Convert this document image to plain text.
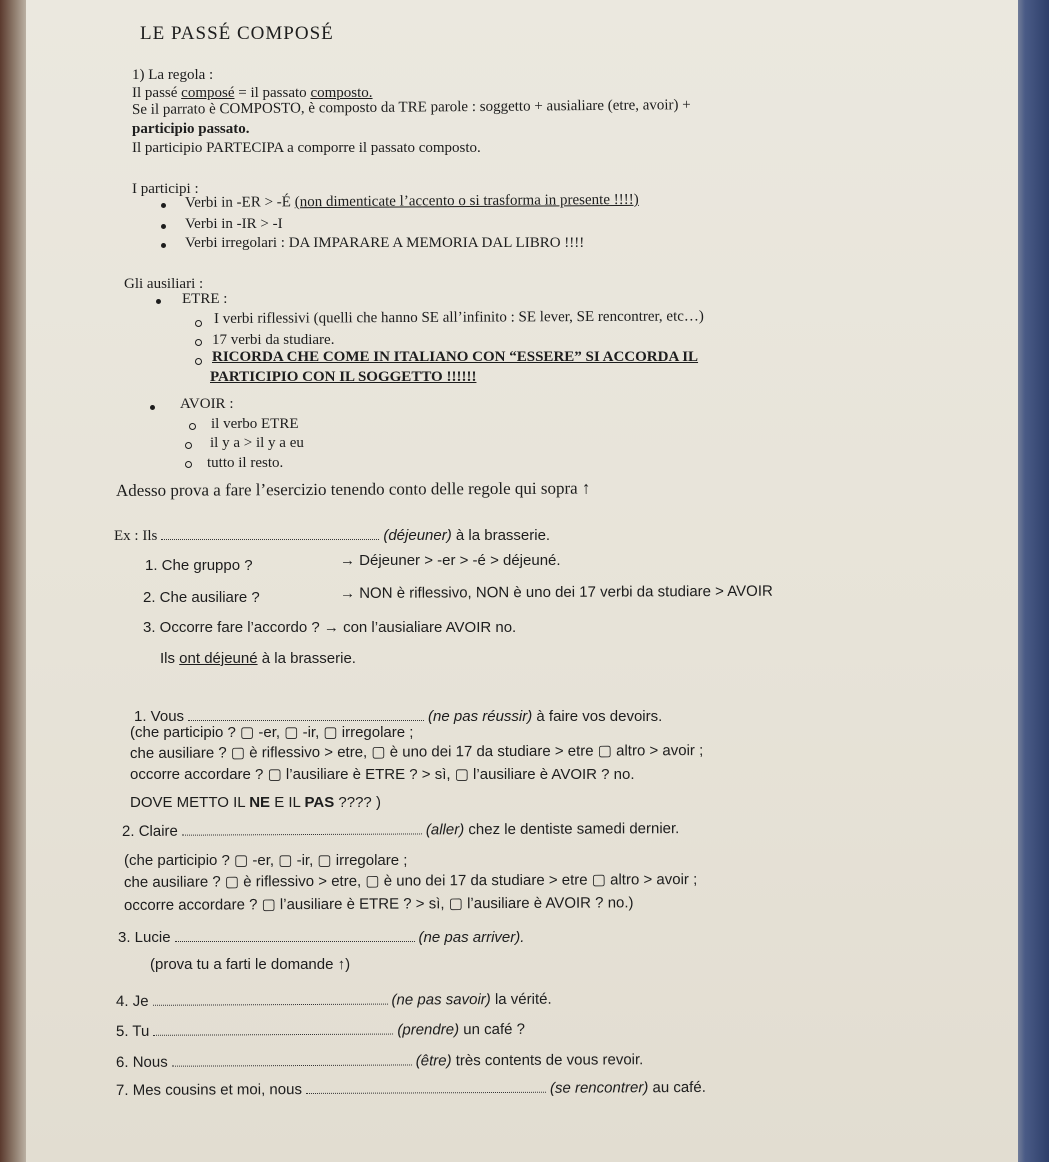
LE PASSÉ COMPOSÉ
1) La regola :
Il passé composé = il passato composto.
Se il parrato è COMPOSTO, è composto da TRE parole : soggetto + ausialiare (etre, avoir) +
participio passato.
Il participio PARTECIPA a comporre il passato composto.
I participi :
Verbi in -ER > -É (non dimenticate l’accento o si trasforma in presente !!!!)
Verbi in -IR > -I
Verbi irregolari : DA IMPARARE A MEMORIA DAL LIBRO !!!!
Gli ausiliari :
ETRE :
I verbi riflessivi (quelli che hanno SE all’infinito : SE lever, SE rencontrer, etc…)
17 verbi da studiare.
RICORDA CHE COME IN ITALIANO CON “ESSERE” SI ACCORDA IL
PARTICIPIO CON IL SOGGETTO !!!!!!
AVOIR :
il verbo ETRE
il y a > il y a eu
tutto il resto.
Adesso prova a fare l’esercizio tenendo conto delle regole qui sopra ↑
Ex : Ils	(déjeuner) à la brasserie.
1. Che gruppo ?	→ Déjeuner > -er > -é > déjeuné.
2. Che ausiliare ?	→ NON è riflessivo, NON è uno dei 17 verbi da studiare > AVOIR
3. Occorre fare l’accordo ? → con l’ausialiare AVOIR no.
Ils ont déjeuné à la brasserie.
1. Vous	(ne pas réussir) à faire vos devoirs.
(che participio ? ▢ -er, ▢ -ir, ▢ irregolare ;
che ausiliare ? ▢ è riflessivo > etre, ▢ è uno dei 17 da studiare > etre ▢ altro > avoir ;
occorre accordare ? ▢ l’ausiliare è ETRE ? > sì, ▢ l’ausiliare è AVOIR ? no.
DOVE METTO IL NE E IL PAS ???? )
2. Claire	(aller) chez le dentiste samedi dernier.
(che participio ? ▢ -er, ▢ -ir, ▢ irregolare ;
che ausiliare ? ▢ è riflessivo > etre, ▢ è uno dei 17 da studiare > etre ▢ altro > avoir ;
occorre accordare ? ▢ l’ausiliare è ETRE ? > sì, ▢ l’ausiliare è AVOIR ? no.)
3. Lucie	(ne pas arriver).
(prova tu a farti le domande ↑)
4. Je	(ne pas savoir) la vérité.
5. Tu	(prendre) un café ?
6. Nous	(être) très contents de vous revoir.
7. Mes cousins et moi, nous	(se rencontrer) au café.
